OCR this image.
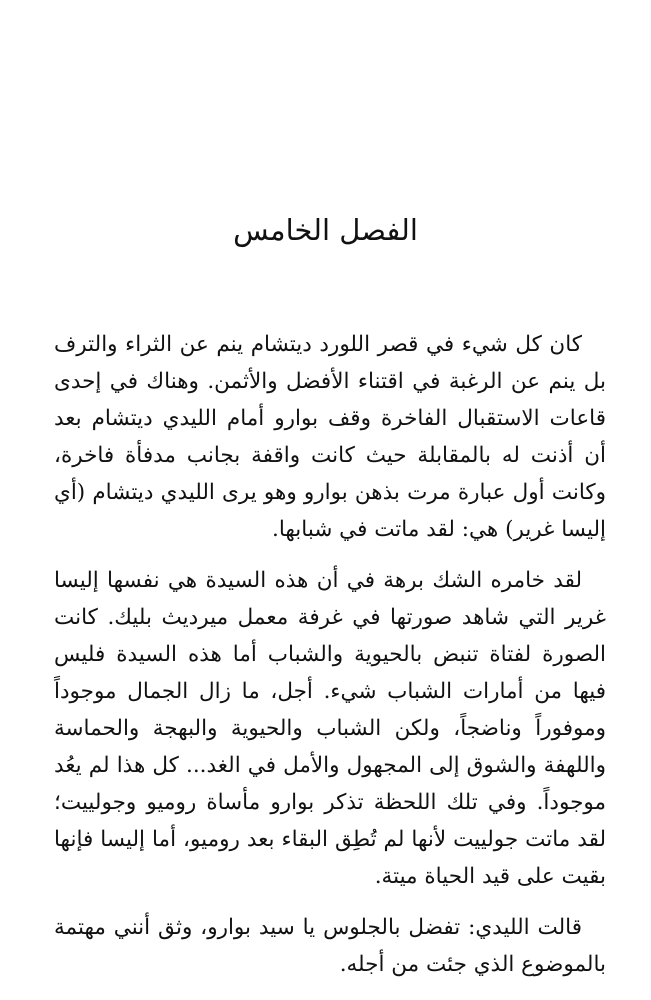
الفصل الخامس

كان كل شيء في قصر اللورد ديتشام ينم عن الثراء والترف بل ينم عن الرغبة في اقتناء الأفضل والأثمن. وهناك في إحدى قاعات الاستقبال الفاخرة وقف بوارو أمام الليدي ديتشام بعد أن أذنت له بالمقابلة حيث كانت واقفة بجانب مدفأة فاخرة، وكانت أول عبارة مرت بذهن بوارو وهو يرى الليدي ديتشام (أي إليسا غرير) هي: لقد ماتت في شبابها.

لقد خامره الشك برهة في أن هذه السيدة هي نفسها إليسا غرير التي شاهد صورتها في غرفة معمل ميرديث بليك. كانت الصورة لفتاة تنبض بالحيوية والشباب أما هذه السيدة فليس فيها من أمارات الشباب شيء. أجل، ما زال الجمال موجوداً وموفوراً وناضجاً، ولكن الشباب والحيوية والبهجة والحماسة واللهفة والشوق إلى المجهول والأمل في الغد... كل هذا لم يعُد موجوداً. وفي تلك اللحظة تذكر بوارو مأساة روميو وجولييت؛ لقد ماتت جولييت لأنها لم تُطِق البقاء بعد روميو، أما إليسا فإنها بقيت على قيد الحياة ميتة.

قالت الليدي: تفضل بالجلوس يا سيد بوارو، وثق أنني مهتمة بالموضوع الذي جئت من أجله.
